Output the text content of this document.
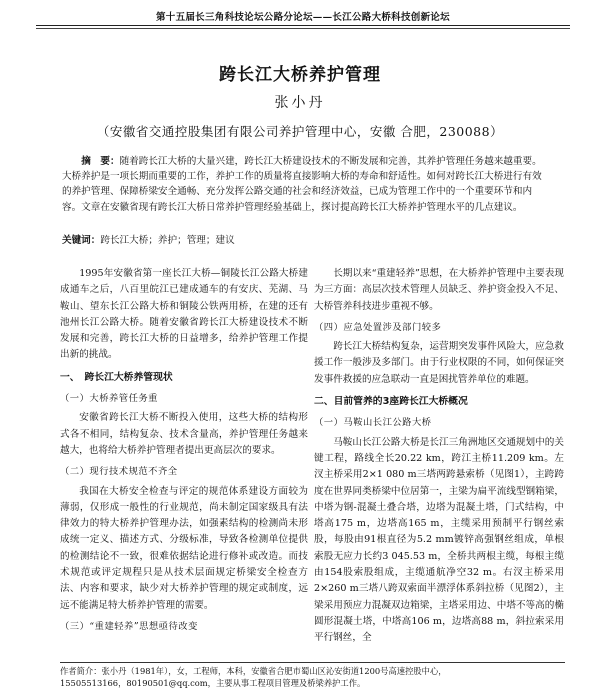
第十五届长三角科技论坛公路分论坛——长江公路大桥科技创新论坛
跨长江大桥养护管理
张小丹
（安徽省交通控股集团有限公司养护管理中心，安徽 合肥，230088）
摘　要：随着跨长江大桥的大量兴建，跨长江大桥建设技术的不断发展和完善，其养护管理任务越来越重要。大桥养护是一项长期而重要的工作，养护工作的质量将直接影响大桥的寿命和舒适性。如何对跨长江大桥进行有效的养护管理、保障桥梁安全通畅、充分发挥公路交通的社会和经济效益，已成为管理工作中的一个重要环节和内容。文章在安徽省现有跨长江大桥日常养护管理经验基础上，探讨提高跨长江大桥养护管理水平的几点建议。
关键词：跨长江大桥；养护；管理；建议

1995年安徽省第一座长江大桥—铜陵长江公路大桥建成通车之后，八百里皖江已建成通车的有安庆、芜湖、马鞍山、望东长江公路大桥和铜陵公铁两用桥，在建的还有池州长江公路大桥。随着安徽省跨长江大桥建设技术不断发展和完善，跨长江大桥的日益增多，给养护管理工作提出新的挑战。

一、　跨长江大桥养管现状
（一）大桥养管任务重

安徽省跨长江大桥不断投入使用，这些大桥的结构形式各不相同，结构复杂、技术含量高，养护管理任务越来越大，也将给大桥养护管理者提出更高层次的要求。

（二）现行技术规范不齐全

我国在大桥安全检查与评定的规范体系建设方面较为薄弱，仅形成一般性的行业规范，尚未制定国家级具有法律效力的特大桥养护管理办法，如强素结构的检测尚未形成统一定义、描述方式、分级标准，导致各检测单位提供的检测结论不一致，很难依据结论进行修补或改造。而技术规范或评定规程只是从技术层面规定桥梁安全检查方法、内容和要求，缺少对大桥养护管理的规定或制度，远远不能满足特大桥养护管理的需要。

（三）“重建轻养”思想亟待改变

长期以来“重建轻养”思想，在大桥养护管理中主要表现为三方面：高层次技术管理人员缺乏、养护资金投入不足、大桥管养科技进步重视不够。

（四）应急处置涉及部门较多

跨长江大桥结构复杂，运营期突发事件风险大，应急救援工作一般涉及多部门。由于行业权限的不同，如何保证突发事件救援的应急联动一直是困扰管养单位的难题。

二、目前管养的3座跨长江大桥概况
（一）马鞍山长江公路大桥

马鞍山长江公路大桥是长江三角洲地区交通规划中的关键工程，路线全长20.22 km，跨江主桥11.209 km。左汊主桥采用2×1 080 m三塔两跨悬索桥（见图1），主跨跨度在世界同类桥梁中位居第一，主梁为扁平流线型钢箱梁，中塔为钢-混凝土叠合塔，边塔为混凝土塔，门式结构，中塔高175 m，边塔高165 m，主缆采用预制平行钢丝索股，每股由91根直径为5.2 mm镀锌高强钢丝组成，单根索股无应力长约3 045.53 m，全桥共两根主缆，每根主缆由154股索股组成，主缆通航净空32 m。右汊主桥采用2×260 m三塔八跨双索面半漂浮体系斜拉桥（见图2），主梁采用预应力混凝双边箱梁，主塔采用边、中塔不等高的椭圆形混凝土塔，中塔高106 m，边塔高88 m，斜拉索采用平行钢丝，全

作者简介：张小丹（1981年），女，工程师，本科，安徽省合肥市蜀山区沁安街道1200号高速控股中心，
15505513166，80190501@qq.com，主要从事工程项目管理及桥梁养护工作。
